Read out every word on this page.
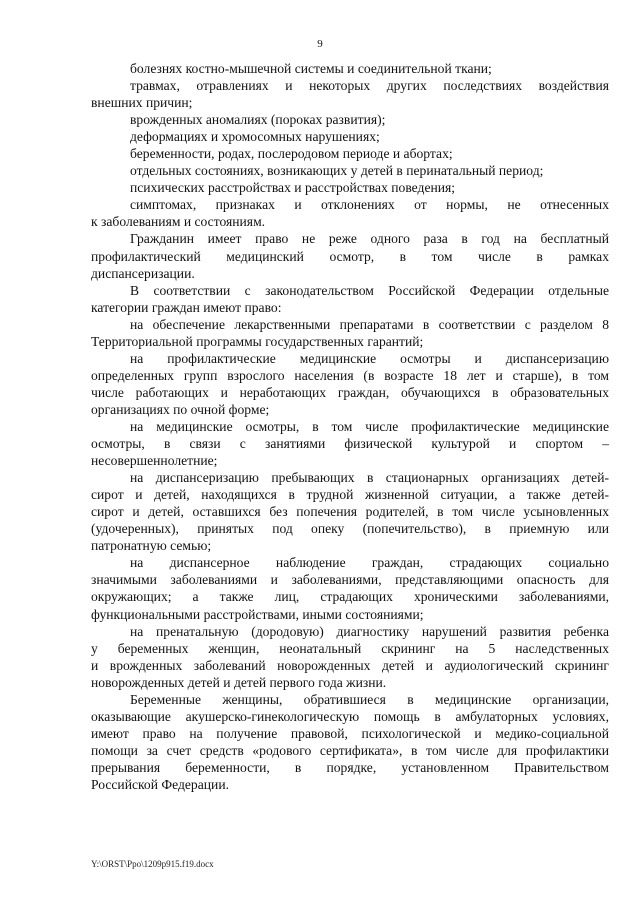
9
болезнях костно-мышечной системы и соединительной ткани;
травмах, отравлениях и некоторых других последствиях воздействия
внешних причин;
врожденных аномалиях (пороках развития);
деформациях и хромосомных нарушениях;
беременности, родах, послеродовом периоде и абортах;
отдельных состояниях, возникающих у детей в перинатальный период;
психических расстройствах и расстройствах поведения;
симптомах, признаках и отклонениях от нормы, не отнесенных
к заболеваниям и состояниям.
Гражданин имеет право не реже одного раза в год на бесплатный
профилактический медицинский осмотр, в том числе в рамках
диспансеризации.
В соответствии с законодательством Российской Федерации отдельные
категории граждан имеют право:
на обеспечение лекарственными препаратами в соответствии с разделом 8
Территориальной программы государственных гарантий;
на профилактические медицинские осмотры и диспансеризацию
определенных групп взрослого населения (в возрасте 18 лет и старше), в том
числе работающих и неработающих граждан, обучающихся в образовательных
организациях по очной форме;
на медицинские осмотры, в том числе профилактические медицинские
осмотры, в связи с занятиями физической культурой и спортом –
несовершеннолетние;
на диспансеризацию пребывающих в стационарных организациях детей-
сирот и детей, находящихся в трудной жизненной ситуации, а также детей-
сирот и детей, оставшихся без попечения родителей, в том числе усыновленных
(удочеренных), принятых под опеку (попечительство), в приемную или
патронатную семью;
на диспансерное наблюдение граждан, страдающих социально
значимыми заболеваниями и заболеваниями, представляющими опасность для
окружающих; а также лиц, страдающих хроническими заболеваниями,
функциональными расстройствами, иными состояниями;
на пренатальную (дородовую) диагностику нарушений развития ребенка
у беременных женщин, неонатальный скрининг на 5 наследственных
и врожденных заболеваний новорожденных детей и аудиологический скрининг
новорожденных детей и детей первого года жизни.
Беременные женщины, обратившиеся в медицинские организации,
оказывающие акушерско-гинекологическую помощь в амбулаторных условиях,
имеют право на получение правовой, психологической и медико-социальной
помощи за счет средств «родового сертификата», в том числе для профилактики
прерывания беременности, в порядке, установленном Правительством
Российской Федерации.
Y:\ORST\Ppo\1209p915.f19.docx
